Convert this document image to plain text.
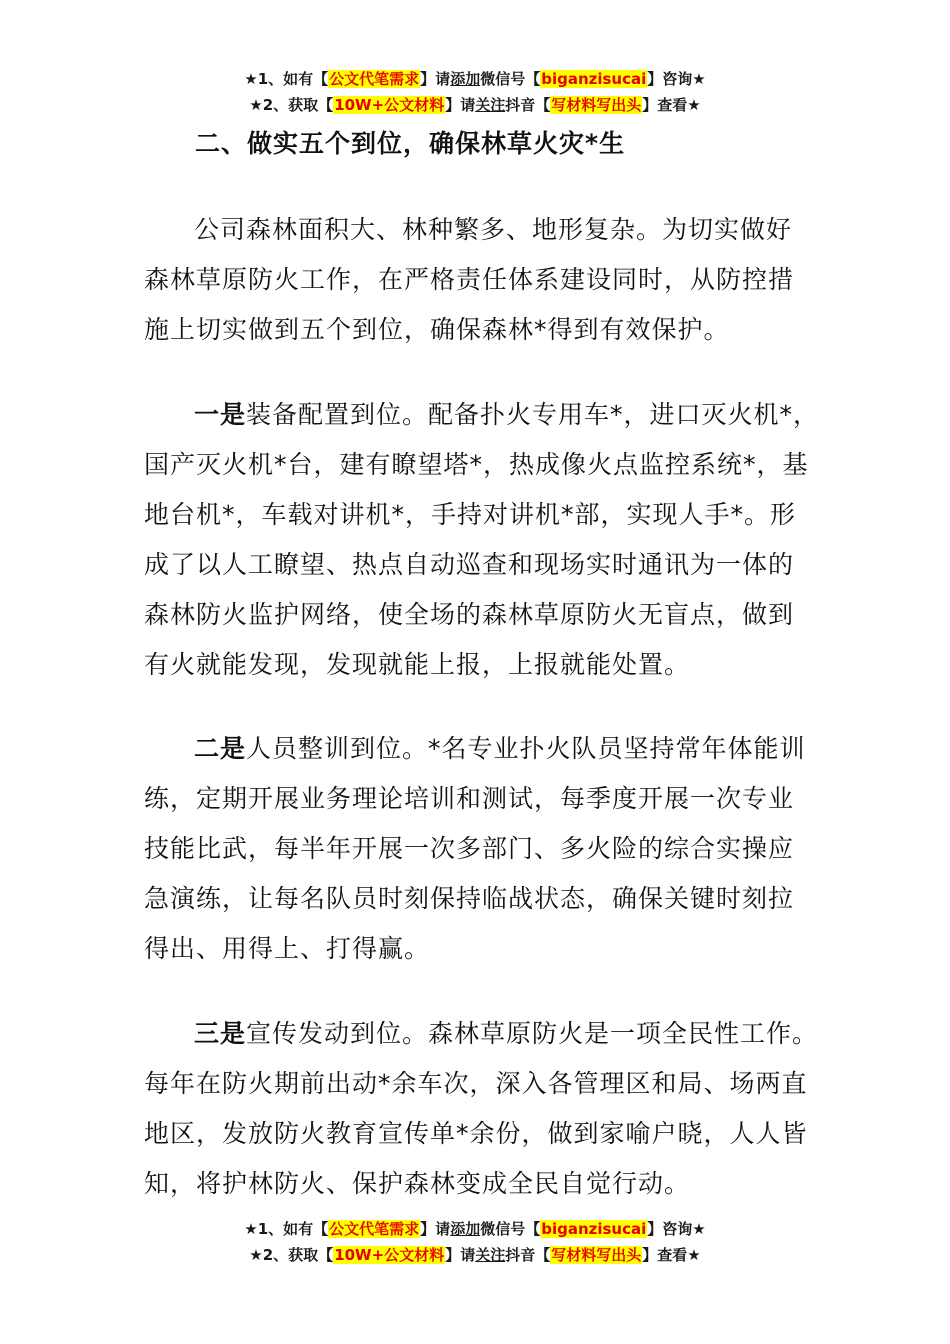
★1、如有【公文代笔需求】请添加微信号【biganzisucai】咨询★
★2、获取【10W+公文材料】请关注抖音【写材料写出头】查看★
二、做实五个到位，确保林草火灾*生
公司森林面积大、林种繁多、地形复杂。为切实做好
森林草原防火工作，在严格责任体系建设同时，从防控措
施上切实做到五个到位，确保森林*得到有效保护。
一是装备配置到位。配备扑火专用车*，进口灭火机*，
国产灭火机*台，建有瞭望塔*，热成像火点监控系统*，基
地台机*，车载对讲机*，手持对讲机*部，实现人手*。形
成了以人工瞭望、热点自动巡查和现场实时通讯为一体的
森林防火监护网络，使全场的森林草原防火无盲点，做到
有火就能发现，发现就能上报，上报就能处置。
二是人员整训到位。*名专业扑火队员坚持常年体能训
练，定期开展业务理论培训和测试，每季度开展一次专业
技能比武，每半年开展一次多部门、多火险的综合实操应
急演练，让每名队员时刻保持临战状态，确保关键时刻拉
得出、用得上、打得赢。
三是宣传发动到位。森林草原防火是一项全民性工作。
每年在防火期前出动*余车次，深入各管理区和局、场两直
地区，发放防火教育宣传单*余份，做到家喻户晓，人人皆
知，将护林防火、保护森林变成全民自觉行动。
★1、如有【公文代笔需求】请添加微信号【biganzisucai】咨询★
★2、获取【10W+公文材料】请关注抖音【写材料写出头】查看★
